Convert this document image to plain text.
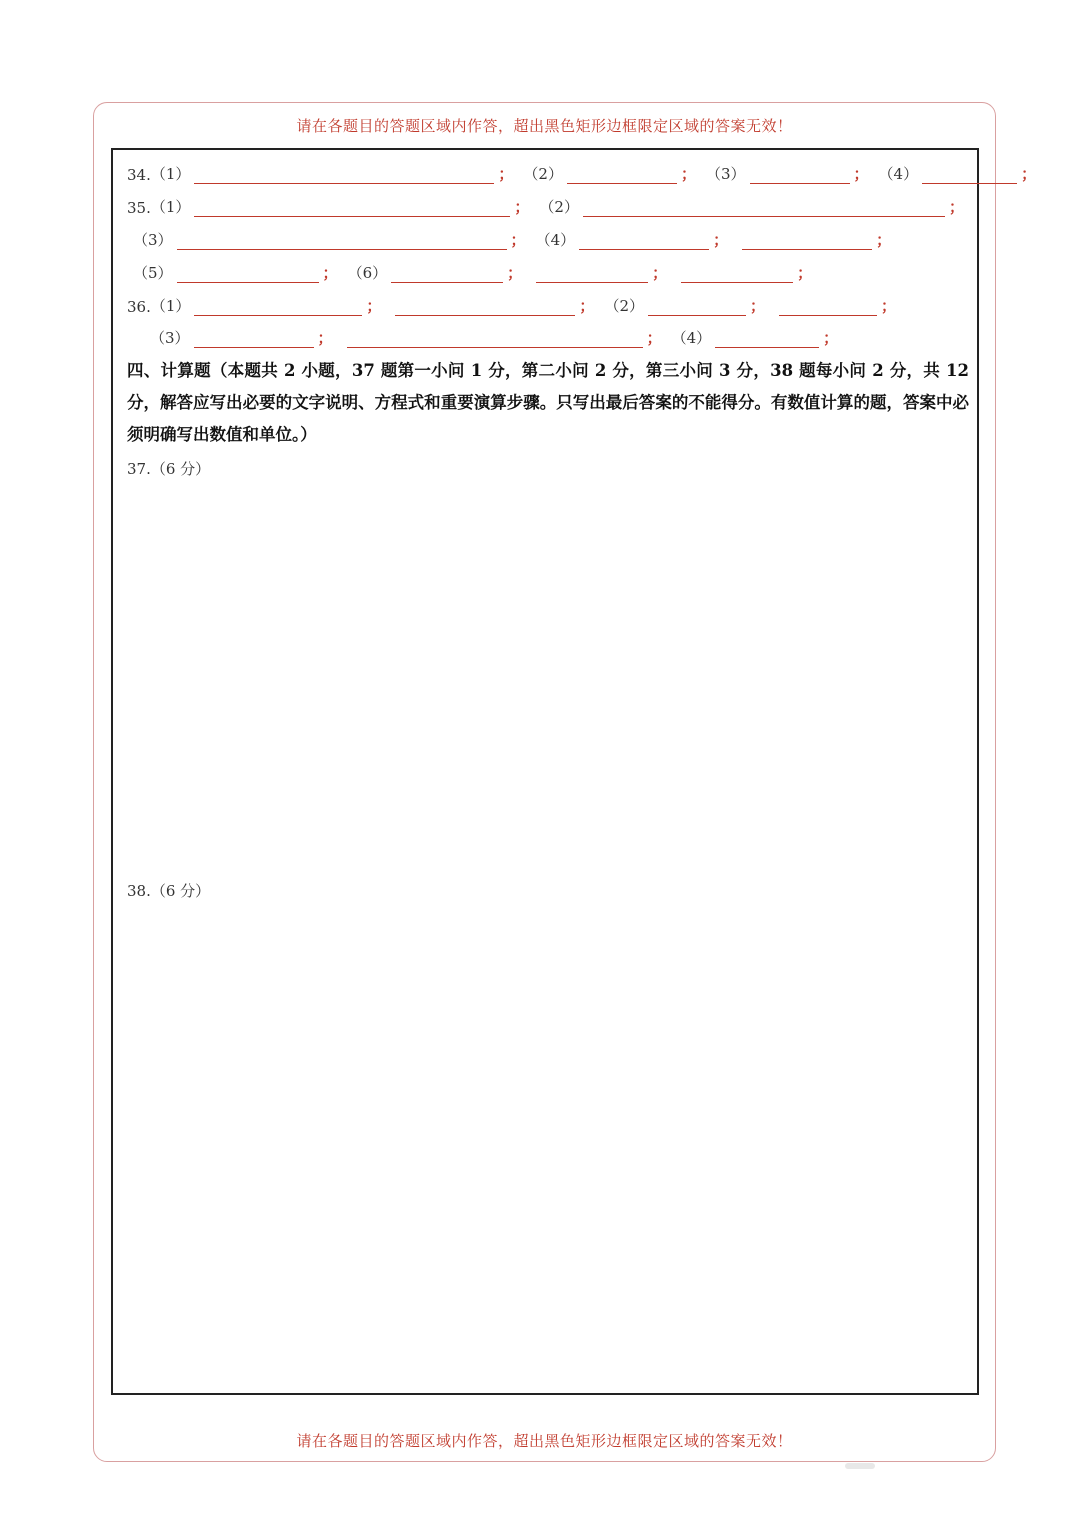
请在各题目的答题区域内作答，超出黑色矩形边框限定区域的答案无效！
34. （1）	； （2）	； （3）	； （4）	；
35. （1）	； （2）	；
（3）	； （4）	；	；
（5）	； （6）	；	；	；
36. （1）	；	； （2）	；	；
（3）	；	； （4）	；
四、计算题（本题共 2 小题，37 题第一小问 1 分，第二小问 2 分，第三小问 3 分，38 题每小问 2 分，共 12 分，解答应写出必要的文字说明、方程式和重要演算步骤。只写出最后答案的不能得分。有数值计算的题，答案中必须明确写出数值和单位。）
37.（6 分）
38.（6 分）
请在各题目的答题区域内作答，超出黑色矩形边框限定区域的答案无效！
